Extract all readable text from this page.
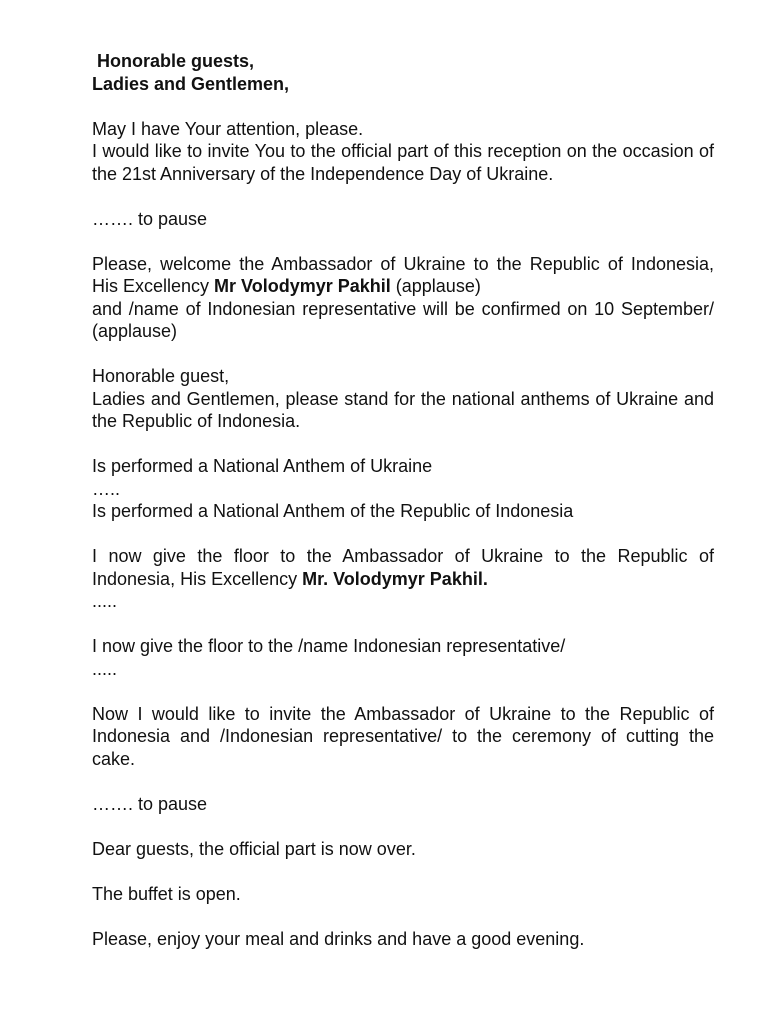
Honorable guests,
Ladies and Gentlemen,

May I have Your attention, please.
I would like to invite You to the official part of this reception on the occasion of the 21st Anniversary of the Independence Day of Ukraine.

……. to pause

Please, welcome the Ambassador of Ukraine to the Republic of Indonesia, His Excellency Mr Volodymyr Pakhil (applause)
and /name of Indonesian representative will be confirmed on 10 September/ (applause)

Honorable guest,
Ladies and Gentlemen, please stand for the national anthems of Ukraine and the Republic of Indonesia.

Is performed a National Anthem of Ukraine
…..
Is performed a National Anthem of the Republic of Indonesia

I now give the floor to the Ambassador of Ukraine to the Republic of Indonesia, His Excellency Mr. Volodymyr Pakhil.
.....

I now give the floor to the /name Indonesian representative/
.....

Now I would like to invite the Ambassador of Ukraine to the Republic of Indonesia and /Indonesian representative/ to the ceremony of cutting the cake.

……. to pause

Dear guests, the official part is now over.

The buffet is open.

Please, enjoy your meal and drinks and have a good evening.
